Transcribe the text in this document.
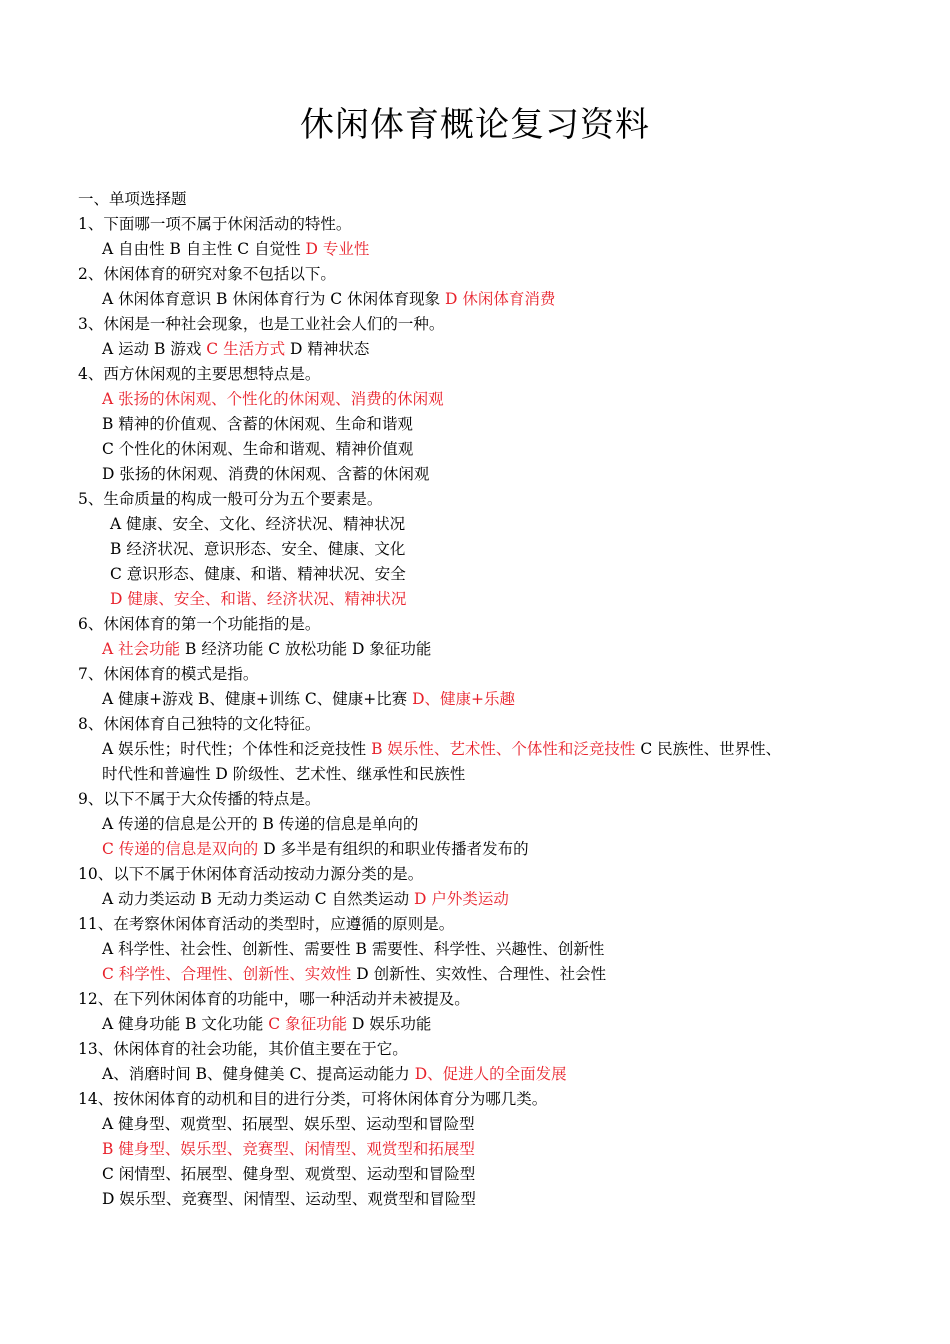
休闲体育概论复习资料
一、单项选择题
1、下面哪一项不属于休闲活动的特性。
A 自由性 B 自主性 C 自觉性 D 专业性
2、休闲体育的研究对象不包括以下。
A 休闲体育意识 B 休闲体育行为 C 休闲体育现象 D 休闲体育消费
3、休闲是一种社会现象，也是工业社会人们的一种。
A 运动 B 游戏 C 生活方式 D 精神状态
4、西方休闲观的主要思想特点是。
A 张扬的休闲观、个性化的休闲观、消费的休闲观
B 精神的价值观、含蓄的休闲观、生命和谐观
C 个性化的休闲观、生命和谐观、精神价值观
D 张扬的休闲观、消费的休闲观、含蓄的休闲观
5、生命质量的构成一般可分为五个要素是。
A 健康、安全、文化、经济状况、精神状况
B 经济状况、意识形态、安全、健康、文化
C 意识形态、健康、和谐、精神状况、安全
D 健康、安全、和谐、经济状况、精神状况
6、休闲体育的第一个功能指的是。
A 社会功能 B 经济功能 C 放松功能 D 象征功能
7、休闲体育的模式是指。
A 健康+游戏 B、健康+训练 C、健康+比赛 D、健康+乐趣
8、休闲体育自己独特的文化特征。
A 娱乐性；时代性；个体性和泛竞技性 B 娱乐性、艺术性、个体性和泛竞技性 C 民族性、世界性、
时代性和普遍性 D 阶级性、艺术性、继承性和民族性
9、以下不属于大众传播的特点是。
A 传递的信息是公开的 B 传递的信息是单向的
C 传递的信息是双向的 D 多半是有组织的和职业传播者发布的
10、以下不属于休闲体育活动按动力源分类的是。
A 动力类运动 B 无动力类运动 C 自然类运动 D 户外类运动
11、在考察休闲体育活动的类型时，应遵循的原则是。
A 科学性、社会性、创新性、需要性 B 需要性、科学性、兴趣性、创新性
C 科学性、合理性、创新性、实效性 D 创新性、实效性、合理性、社会性
12、在下列休闲体育的功能中，哪一种活动并未被提及。
A 健身功能 B 文化功能 C 象征功能 D 娱乐功能
13、休闲体育的社会功能，其价值主要在于它。
A、消磨时间 B、健身健美 C、提高运动能力 D、促进人的全面发展
14、按休闲体育的动机和目的进行分类，可将休闲体育分为哪几类。
A 健身型、观赏型、拓展型、娱乐型、运动型和冒险型
B 健身型、娱乐型、竞赛型、闲情型、观赏型和拓展型
C 闲情型、拓展型、健身型、观赏型、运动型和冒险型
D 娱乐型、竞赛型、闲情型、运动型、观赏型和冒险型
